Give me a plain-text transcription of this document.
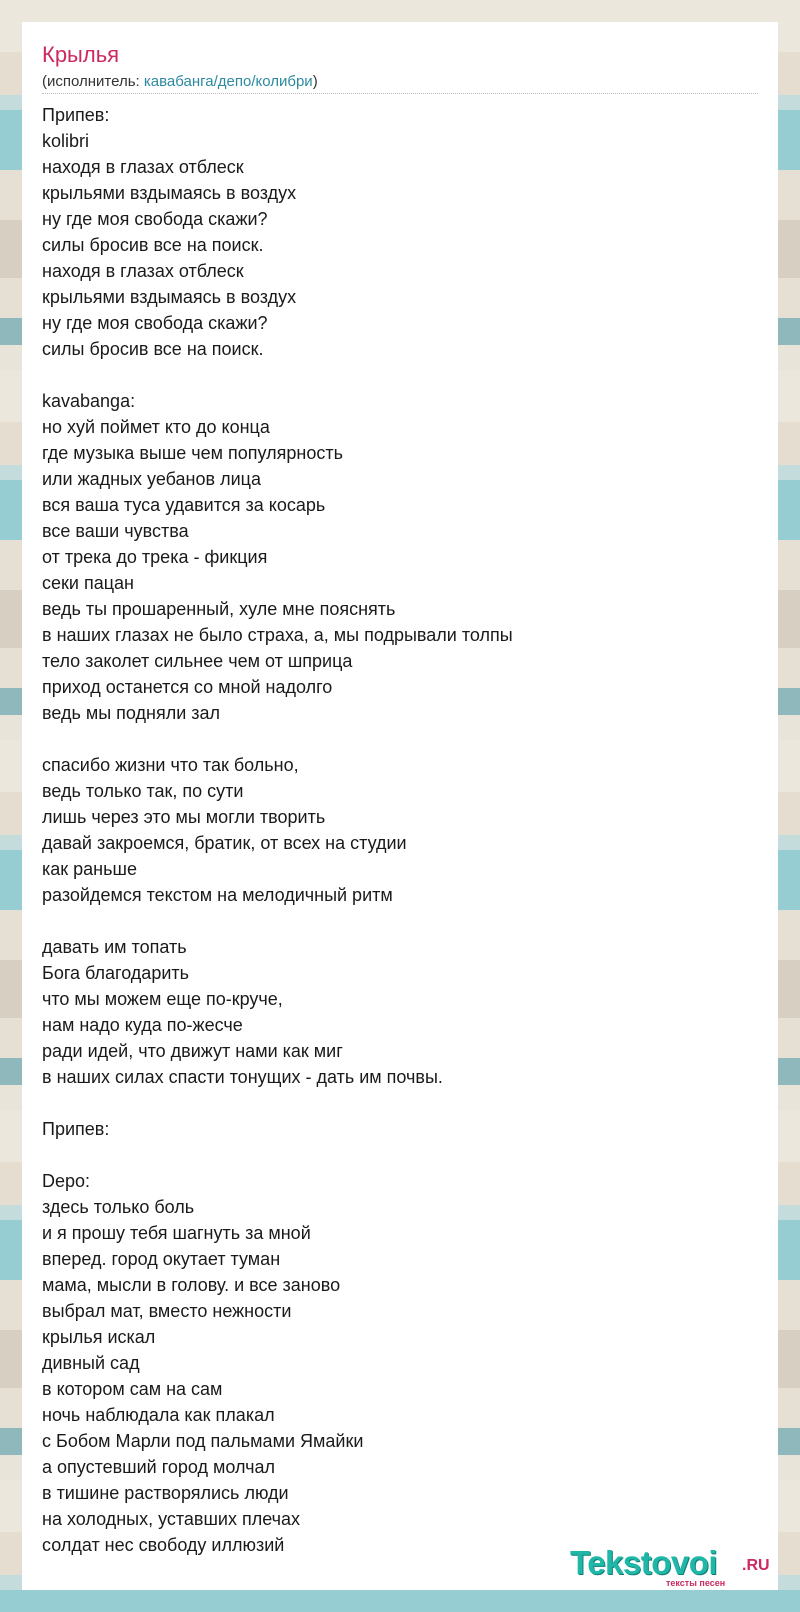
Крылья
(исполнитель: кавабанга/депо/колибри)
Припев:
kolibri
находя в глазах отблеск
крыльями вздымаясь в воздух
ну где моя свобода скажи?
силы бросив все на поиск.
находя в глазах отблеск
крыльями вздымаясь в воздух
ну где моя свобода скажи?
силы бросив все на поиск.
kavabanga:
но хуй поймет кто до конца
где музыка выше чем популярность
или жадных уебанов лица
вся ваша туса удавится за косарь
все ваши чувства
от трека до трека - фикция
секи пацан
ведь ты прошаренный, хуле мне пояснять
в наших глазах не было страха, а, мы подрывали толпы
тело заколет сильнее чем от шприца
приход останется со мной надолго
ведь мы подняли зал
спасибо жизни что так больно,
ведь только так, по сути
лишь через это мы могли творить
давай закроемся, братик, от всех на студии
как раньше
разойдемся текстом на мелодичный ритм
давать им топать
Бога благодарить
что мы можем еще по-круче,
нам надо куда по-жесче
ради идей, что движут нами как миг
в наших силах спасти тонущих - дать им почвы.
Припев:
Depo:
здесь только боль
и я прошу тебя шагнуть за мной
вперед. город окутает туман
мама, мысли в голову. и все заново
выбрал мат, вместо нежности
крылья искал
дивный сад
в котором сам на сам
ночь наблюдала как плакал
с Бобом Марли под пальмами Ямайки
а опустевший город молчал
в тишине растворялись люди
на холодных, уставших плечах
солдат нес свободу иллюзий	Tekstovoi .RU
тексты песен
